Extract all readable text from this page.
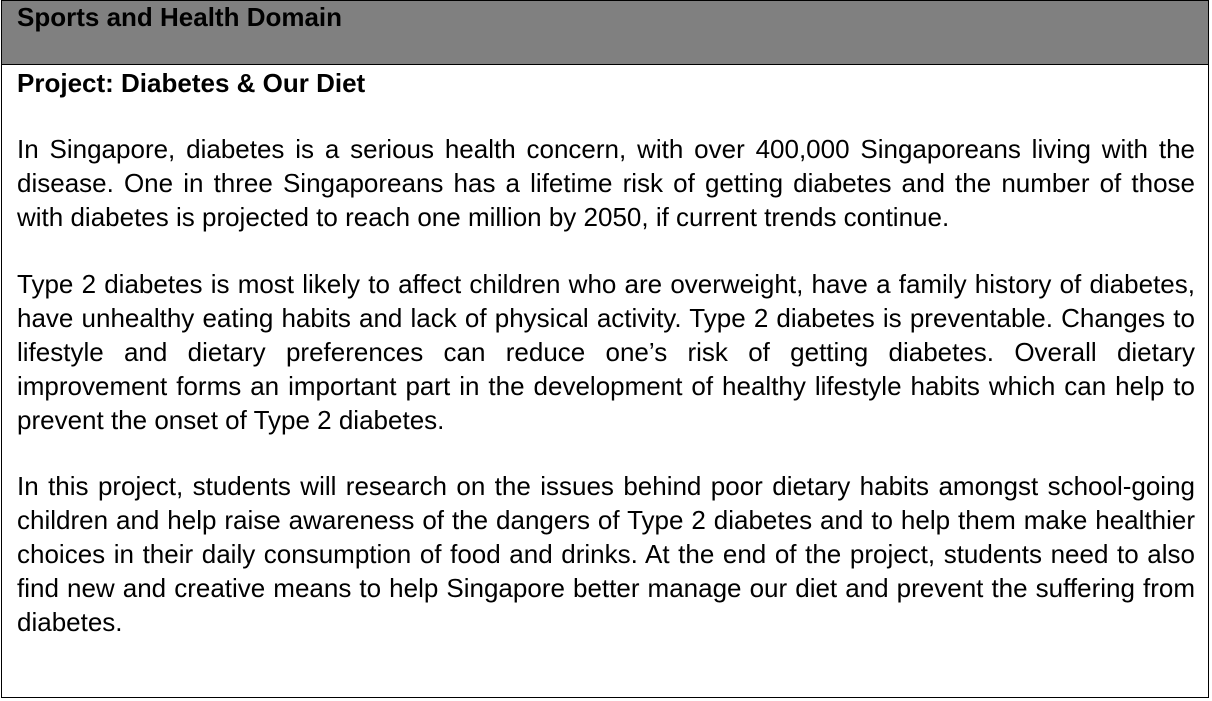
Sports and Health Domain
Project: Diabetes & Our Diet

In Singapore, diabetes is a serious health concern, with over 400,000 Singaporeans living with the disease. One in three Singaporeans has a lifetime risk of getting diabetes and the number of those with diabetes is projected to reach one million by 2050, if current trends continue.

Type 2 diabetes is most likely to affect children who are overweight, have a family history of diabetes, have unhealthy eating habits and lack of physical activity. Type 2 diabetes is preventable. Changes to lifestyle and dietary preferences can reduce one’s risk of getting diabetes. Overall dietary improvement forms an important part in the development of healthy lifestyle habits which can help to prevent the onset of Type 2 diabetes.

In this project, students will research on the issues behind poor dietary habits amongst school-going children and help raise awareness of the dangers of Type 2 diabetes and to help them make healthier choices in their daily consumption of food and drinks. At the end of the project, students need to also find new and creative means to help Singapore better manage our diet and prevent the suffering from diabetes.
